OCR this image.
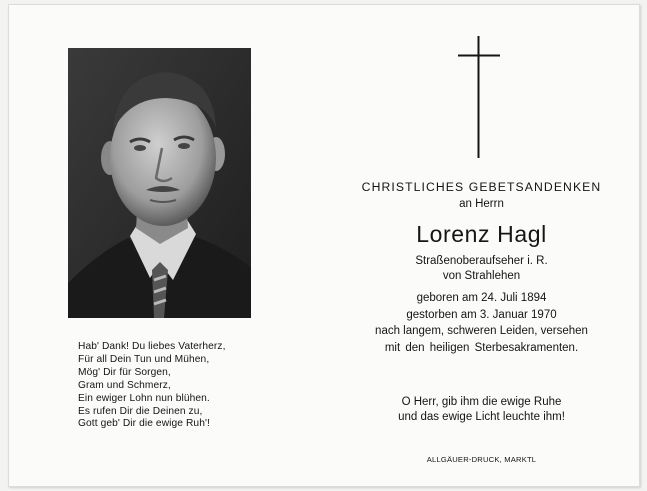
Hab' Dank! Du liebes Vaterherz,
Für all Dein Tun und Mühen,
Mög' Dir für Sorgen,
Gram und Schmerz,
Ein ewiger Lohn nun blühen.
Es rufen Dir die Deinen zu,
Gott geb' Dir die ewige Ruh'!
CHRISTLICHES GEBETSANDENKEN
an Herrn
Lorenz Hagl
Straßenoberaufseher i. R.
von Strahlehen
geboren am 24. Juli 1894
gestorben am 3. Januar 1970
nach langem, schweren Leiden, versehen
mit den heiligen Sterbesakramenten.
O Herr, gib ihm die ewige Ruhe
und das ewige Licht leuchte ihm!
ALLGÄUER-DRUCK, MARKTL
